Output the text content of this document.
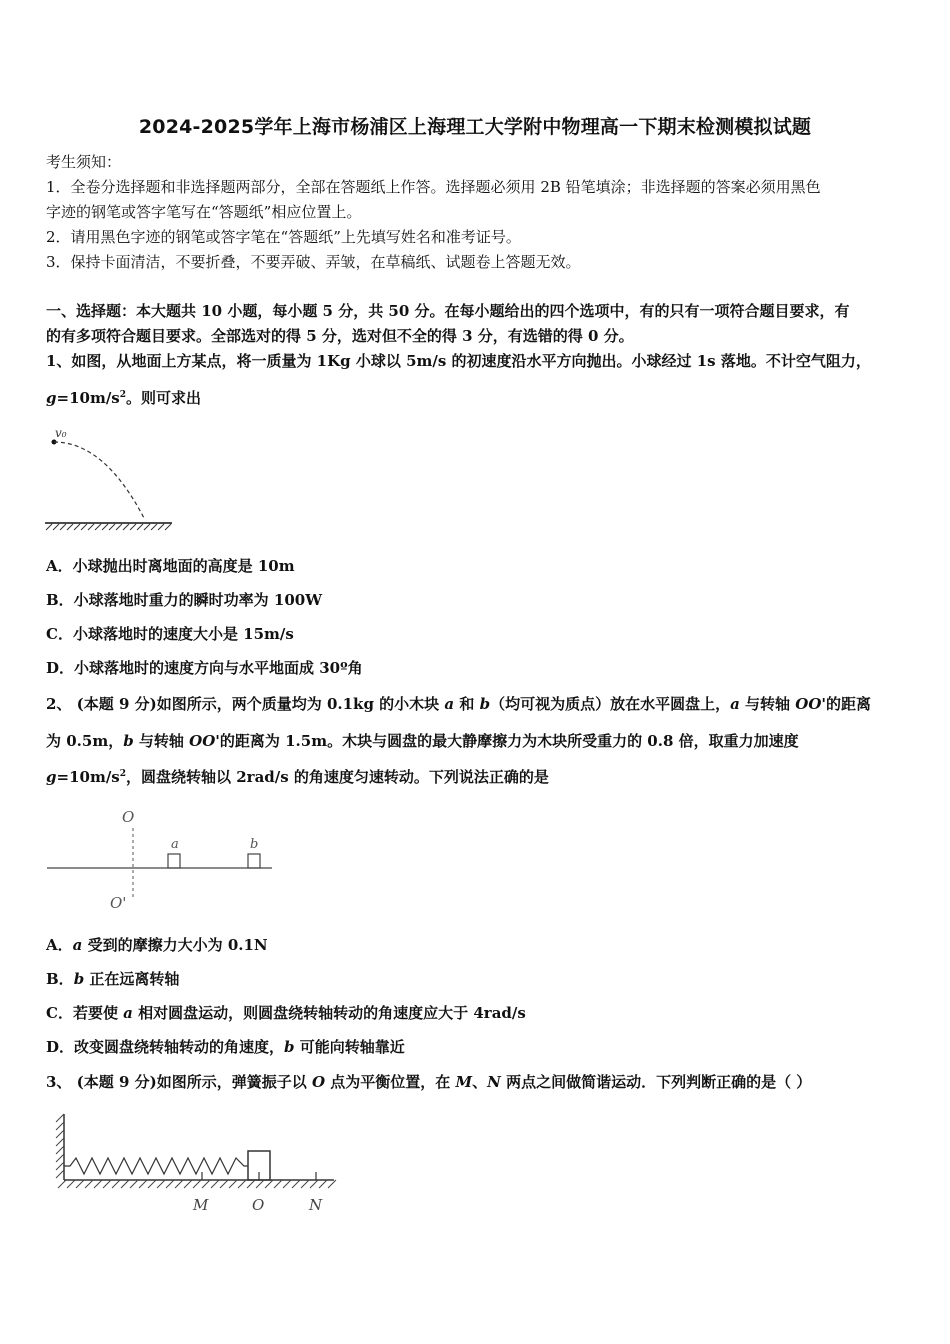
2024-2025学年上海市杨浦区上海理工大学附中物理高一下期末检测模拟试题
考生须知：
1．全卷分选择题和非选择题两部分，全部在答题纸上作答。选择题必须用 2B 铅笔填涂；非选择题的答案必须用黑色
字迹的钢笔或答字笔写在“答题纸”相应位置上。
2．请用黑色字迹的钢笔或答字笔在“答题纸”上先填写姓名和准考证号。
3．保持卡面清洁，不要折叠，不要弄破、弄皱，在草稿纸、试题卷上答题无效。
一、选择题：本大题共 10 小题，每小题 5 分，共 50 分。在每小题给出的四个选项中，有的只有一项符合题目要求，有
的有多项符合题目要求。全部选对的得 5 分，选对但不全的得 3 分，有选错的得 0 分。
1、如图，从地面上方某点，将一质量为 1Kg 小球以 5m/s 的初速度沿水平方向抛出。小球经过 1s 落地。不计空气阻力，
$g=10m/s^2$。则可求出
v₀
A．小球抛出时离地面的高度是 10m
B．小球落地时重力的瞬时功率为 100W
C．小球落地时的速度大小是 15m/s
D．小球落地时的速度方向与水平地面成 30º角
2、 (本题 9 分)如图所示，两个质量均为 0.1kg 的小木块 a 和 b（均可视为质点）放在水平圆盘上，a 与转轴 OO'的距离
为 0.5m，b 与转轴 OO'的距离为 1.5m。木块与圆盘的最大静摩擦力为木块所受重力的 0.8 倍，取重力加速度
$g=10m/s^2$，圆盘绕转轴以 2rad/s 的角速度匀速转动。下列说法正确的是
O
a	b
O'
A．a 受到的摩擦力大小为 0.1N
B．b 正在远离转轴
C．若要使 a 相对圆盘运动，则圆盘绕转轴转动的角速度应大于 4rad/s
D．改变圆盘绕转轴转动的角速度，b 可能向转轴靠近
3、 (本题 9 分)如图所示，弹簧振子以 O 点为平衡位置，在 M、N 两点之间做简谐运动．下列判断正确的是（ ）
M	O	N
